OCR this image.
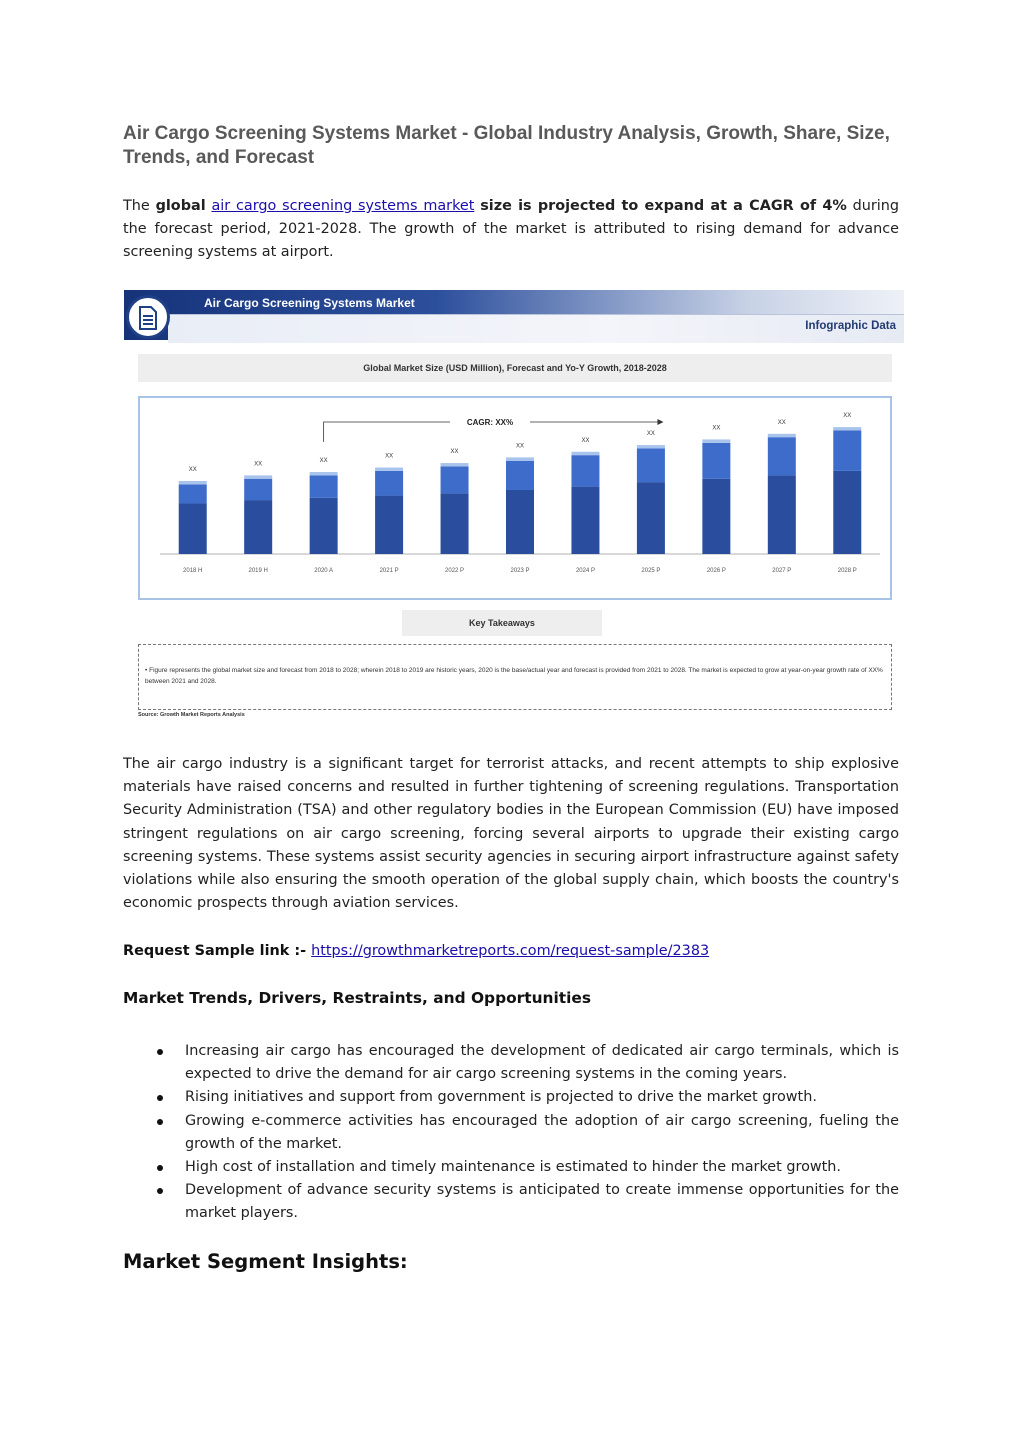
Air Cargo Screening Systems Market - Global Industry Analysis, Growth, Share, Size, Trends, and Forecast

The global air cargo screening systems market size is projected to expand at a CAGR of 4% during the forecast period, 2021-2028. The growth of the market is attributed to rising demand for advance screening systems at airport.

Air Cargo Screening Systems Market
Infographic Data
Global Market Size (USD Million), Forecast and Yo-Y Growth, 2018-2028
XX
2018 H
XX
2019 H
XX
2020 A
XX
2021 P
XX
2022 P
XX
2023 P
XX
2024 P
XX
2025 P
XX
2026 P
XX
2027 P
XX
2028 P
CAGR: XX%
Key Takeaways

• Figure represents the global market size and forecast from 2018 to 2028; wherein 2018 to 2019 are historic years, 2020 is the base/actual year and forecast is provided from 2021 to 2028. The market is expected to grow at year-on-year growth rate of XX% between 2021 and 2028.

Source: Growth Market Reports Analysis

The air cargo industry is a significant target for terrorist attacks, and recent attempts to ship explosive materials have raised concerns and resulted in further tightening of screening regulations. Transportation Security Administration (TSA) and other regulatory bodies in the European Commission (EU) have imposed stringent regulations on air cargo screening, forcing several airports to upgrade their existing cargo screening systems. These systems assist security agencies in securing airport infrastructure against safety violations while also ensuring the smooth operation of the global supply chain, which boosts the country's economic prospects through aviation services.

Request Sample link :- https://growthmarketreports.com/request-sample/2383
Market Trends, Drivers, Restraints, and Opportunities
Increasing air cargo has encouraged the development of dedicated air cargo terminals, which is expected to drive the demand for air cargo screening systems in the coming years.
Rising initiatives and support from government is projected to drive the market growth.
Growing e-commerce activities has encouraged the adoption of air cargo screening, fueling the growth of the market.
High cost of installation and timely maintenance is estimated to hinder the market growth.
Development of advance security systems is anticipated to create immense opportunities for the market players.
Market Segment Insights:
